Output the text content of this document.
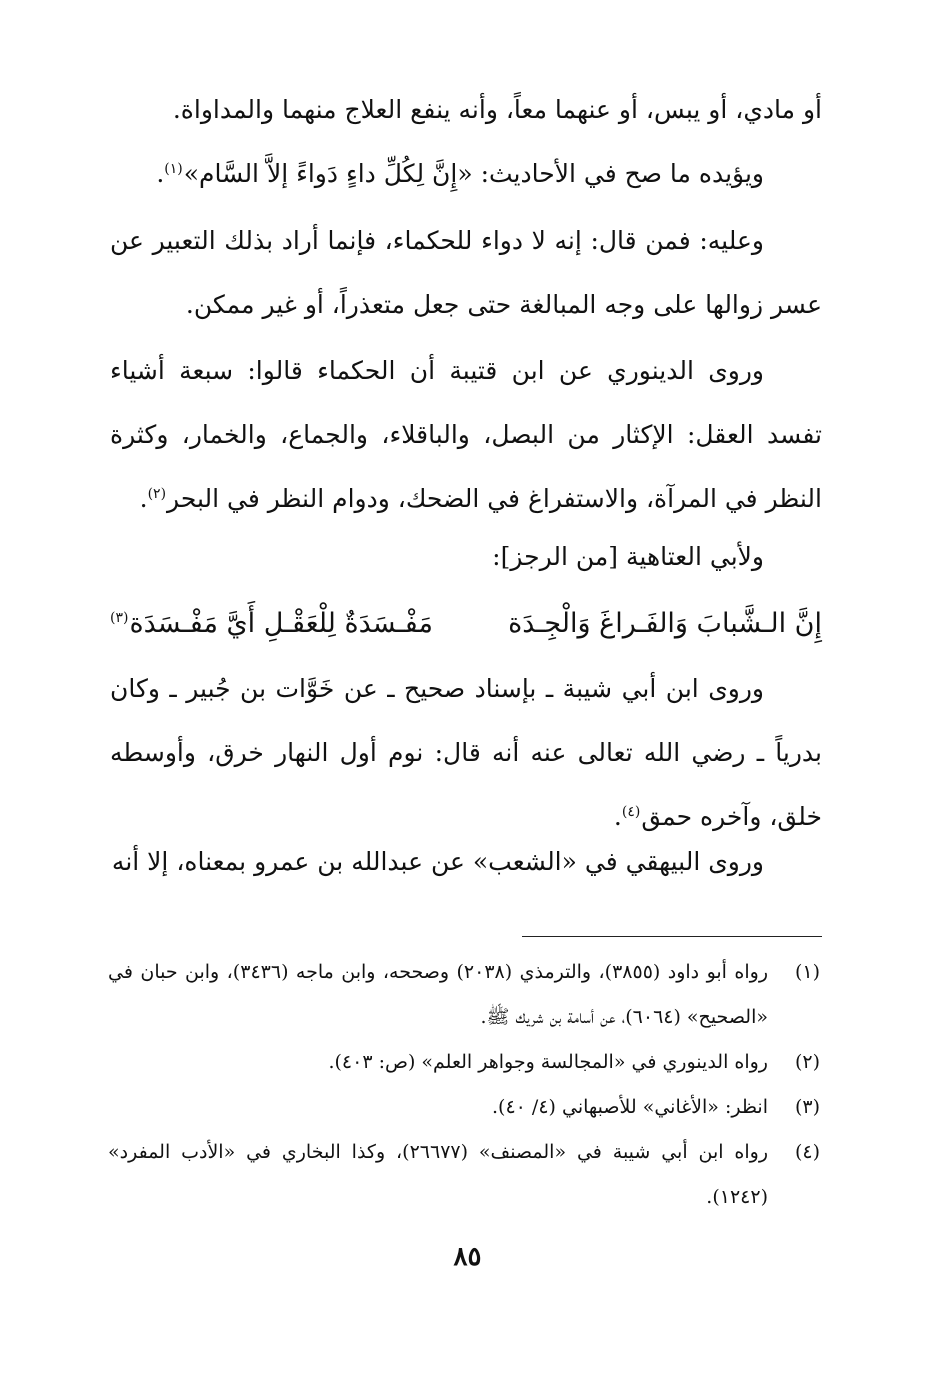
أو مادي، أو يبس، أو عنهما معاً، وأنه ينفع العلاج منهما والمداواة.

ويؤيده ما صح في الأحاديث: «إِنَّ لِكُلِّ داءٍ دَواءً إلاَّ السَّام»$^{(١)}$.

وعليه: فمن قال: إنه لا دواء للحكماء، فإنما أراد بذلك التعبير عن عسر زوالها على وجه المبالغة حتى جعل متعذراً، أو غير ممكن.

وروى الدينوري عن ابن قتيبة أن الحكماء قالوا: سبعة أشياء تفسد العقل: الإكثار من البصل، والباقلاء، والجماع، والخمار، وكثرة النظر في المرآة، والاستفراغ في الضحك، ودوام النظر في البحر$^{(٢)}$.

ولأبي العتاهية [من الرجز]:

إِنَّ الـشَّبابَ وَالفَـراغَ وَالْجِـدَة
مَفْـسَدَةٌ لِلْعَقْـلِ أَيَّ مَفْـسَدَة$^{(٣)}$

وروى ابن أبي شيبة ـ بإسناد صحيح ـ عن خَوَّات بن جُبير ـ وكان بدرياً ـ رضي الله تعالى عنه أنه قال: نوم أول النهار خرق، وأوسطه خلق، وآخره حمق$^{(٤)}$.

وروى البيهقي في «الشعب» عن عبدالله بن عمرو بمعناه، إلا أنه

(١)
رواه أبو داود (٣٨٥٥)، والترمذي (٢٠٣٨) وصححه، وابن ماجه (٣٤٣٦)، وابن حبان في «الصحيح» (٦٠٦٤)، عن أسامة بن شريك ﷺ.
(٢)
رواه الدينوري في «المجالسة وجواهر العلم» (ص: ٤٠٣).
(٣)
انظر: «الأغاني» للأصبهاني (٤/ ٤٠).
(٤)
رواه ابن أبي شيبة في «المصنف» (٢٦٦٧٧)، وكذا البخاري في «الأدب المفرد» (١٢٤٢).
٨٥
